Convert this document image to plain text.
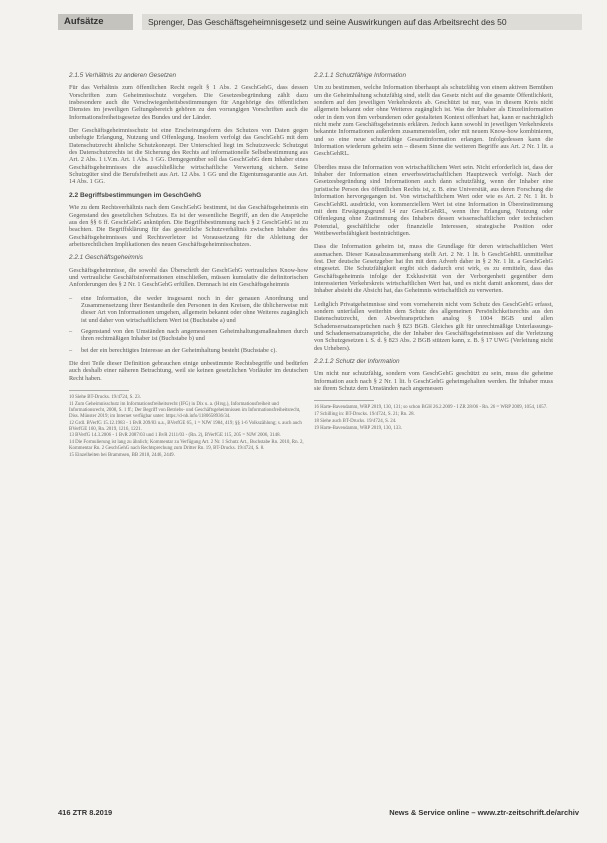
Aufsätze	Sprenger, Das Geschäftsgeheimnisgesetz und seine Auswirkungen auf das Arbeitsrecht des 50
2.1.5 Verhältnis zu anderen Gesetzen

Für das Verhältnis zum öffentlichen Recht regelt § 1 Abs. 2 GeschGehG, dass dessen Vorschriften zum Geheimnisschutz vorgehen. Die Gesetzesbegründung zählt dazu insbesondere auch die Verschwiegenheitsbestimmungen für Angehörige des öffentlichen Dienstes im jeweiligen Geltungsbereich gehören zu den vorrangigen Vorschriften auch die Informationsfreiheitsgesetze des Bundes und der Länder.

Der Geschäftsgeheimnisschutz ist eine Erscheinungsform des Schutzes von Daten gegen unbefugte Erlangung, Nutzung und Offenlegung. Insofern verfolgt das GeschGehG mit dem Datenschutzrecht ähnliche Schutzkonzept. Der Unterschied liegt im Schutzzweck: Schutzgut des Datenschutzrechts ist die Sicherung des Rechts auf informationelle Selbstbestimmung aus Art. 2 Abs. 1 i.V.m. Art. 1 Abs. 1 GG. Demgegenüber soll das GeschGehG dem Inhaber eines Geschäftsgeheimnisses die ausschließliche wirtschaftliche Verwertung sichern. Seine Schutzgüter sind die Berufsfreiheit aus Art. 12 Abs. 1 GG und die Eigentumsgarantie aus Art. 14 Abs. 1 GG.

2.2 Begriffsbestimmungen im GeschGehG

Wie zu dem Rechtsverhältnis nach dem GeschGehG bestimmt, ist das Geschäftsgeheimnis ein Gegenstand des gesetzlichen Schutzes. Es ist der wesentliche Begriff, an den die Ansprüche aus den §§ 6 ff. GeschGehG anknüpfen. Die Begriffsbestimmung nach § 2 GeschGehG ist zu beachten. Die Begriffsklärung für das gesetzliche Schutzverhältnis zwischen Inhaber des Geschäftsgeheimnisses und Rechtsverletzer ist Voraussetzung für die Ableitung der arbeitsrechtlichen Implikationen des neuen Geschäftsgeheimnisschutzes.

2.2.1 Geschäftsgeheimnis

Geschäftsgeheimnisse, die sowohl das Überschrift der GeschGehG vertrauliches Know-how und vertrauliche Geschäftsinformationen einschließen, müssen kumulativ die definitorischen Anforderungen des § 2 Nr. 1 GeschGehG erfüllen. Demnach ist ein Geschäftsgeheimnis

– eine Information, die weder insgesamt noch in der genauen Anordnung und Zusammensetzung ihrer Bestandteile den Personen in den Kreisen, die üblicherweise mit dieser Art von Informationen umgehen, allgemein bekannt oder ohne Weiteres zugänglich ist und daher von wirtschaftlichem Wert ist (Buchstabe a) und
– Gegenstand von den Umständen nach angemessenen Geheimhaltungsmaßnahmen durch ihren rechtmäßigen Inhaber ist (Buchstabe b) und
– bei der ein berechtigtes Interesse an der Geheimhaltung besteht (Buchstabe c).

Die drei Teile dieser Definition gebrauchen einige unbestimmte Rechtsbegriffe und bedürfen auch deshalb einer näheren Betrachtung, weil sie keinen gesetzlichen Vorläufer im deutschen Recht haben.

10 Siehe BT-Drucks. 19/4724, S. 23.

11 Zum Geheimnisschutz im Informationsfreiheitsrecht (IFG) in Dix u. a. (Hrsg.), Informationsfreiheit und Informationsrecht, 2008, S. 1 ff.; Der Begriff von Betriebs- und Geschäftsgeheimnissen im Informationsfreiheitsrecht, Diss. Münster 2019; im Internet verfügbar unter: https://d-nb.info/1180658936/34.

12 Grdl. BVerfG 15.12.1983 - 1 BvR 209/83 u.a., BVerfGE 65, 1 = NJW 1984, 419; §§ 1-6 Volkszählung; s. auch auch BVerfGE 160, Rn. 2019, 1216, 1221.

13 BVerfG 14.3.2006 - 1 BvR 2087/03 und 1 BvR 2111/03 - (Rn. 2), BVerfGE 115, 205 = NJW 2006, 3148.

14 Die Formulierung ist lang zu ähnlich; Kommentar zu Verfügung Art. 2 Nr. 1 Schutz Art., Buchstabe Rn. 2010, Rn. 2, Kommentar Rn. 2 GeschGehG nach Rechtsprechung zum Dritter Rn. 19, BT-Drucks. 19/4724, S. 8.

15 Einzelheiten bei Brammsen, BB 2018, 2446, 2449.

2.2.1.1 Schutzfähige Information

Um zu bestimmen, welche Information überhaupt als schutzfähig von einem aktiven Bemühen um die Geheimhaltung schutzfähig sind, stellt das Gesetz nicht auf die gesamte Öffentlichkeit, sondern auf den jeweiligen Verkehrskreis ab. Geschützt ist nur, was in diesem Kreis nicht allgemein bekannt oder ohne Weiteres zugänglich ist. Was der Inhaber als Einzelinformation oder in dem von ihm verbundenen oder gestalteten Kontext offenbart hat, kann er nachträglich nicht mehr zum Geschäftsgeheimnis erklären. Jedoch kann sowohl in jeweiligen Verkehrskreis bekannte Informationen außerdem zusammenstellen, oder mit neuem Know-how kombinieren, und so eine neue schutzfähige Gesamtinformation erlangen. Infolgedessen kann die Information wiederum geheim sein – diesem Sinne die weiteren Begriffe aus Art. 2 Nr. 1 lit. a GeschGehRL.

Überdies muss die Information von wirtschaftlichem Wert sein. Nicht erforderlich ist, dass der Inhaber der Information einen erwerbswirtschaftlichen Hauptzweck verfolgt. Nach der Gesetzesbegründung sind Informationen auch dann schutzfähig, wenn der Inhaber eine juristische Person des öffentlichen Rechts ist, z. B. eine Universität, aus deren Forschung die Information hervorgegangen ist. Von wirtschaftlichem Wert oder wie es Art. 2 Nr. 1 lit. b GeschGehRL ausdrückt, von kommerziellem Wert ist eine Information in Übereinstimmung mit dem Erwägungsgrund 14 zur GeschGehRL, wenn ihre Erlangung, Nutzung oder Offenlegung ohne Zustimmung des Inhabers dessen wissenschaftlichen oder technischen Potenzial, geschäftliche oder finanzielle Interessen, strategische Position oder Wettbewerbsfähigkeit beeinträchtigen.

Dass die Information geheim ist, muss die Grundlage für deren wirtschaftlichen Wert ausmachen. Dieser Kausalzusammenhang stellt Art. 2 Nr. 1 lit. b GeschGehRL unmittelbar fest. Der deutsche Gesetzgeber hat ihn mit dem Adverb daher in § 2 Nr. 1 lit. a GeschGehG eingesetzt. Die Schutzfähigkeit ergibt sich dadurch erst wirk, es zu ermitteln, dass das Geschäftsgeheimnis infolge der Exklusivität von der Verborgenheit gegenüber dem interessierten Verkehrskreis wirtschaftlichen Wert hat, und es nicht damit ankommt, dass der Inhaber absieht die Absicht hat, das Geheimnis wirtschaftlich zu verwerten.

Lediglich Privatgeheimnisse sind vom vorneherein nicht vom Schutz des GeschGehG erfasst, sondern unterfallen weiterhin dem Schutz des allgemeinen Persönlichkeitsrechts aus den Datenschutzrecht, den Abwehransprüchen analog § 1004 BGB und allen Schadensersatzansprüchen nach § 823 BGB. Gleiches gilt für unrechtmäßige Unterlassungs- und Schadensersatzansprüche, die der Inhaber des Geschäftsgeheimnisses auf die Verletzung von Schutzgesetzen i. S. d. § 823 Abs. 2 BGB stützen kann, z. B. § 17 UWG (Verleitung nicht des Urhebers).

2.2.1.2 Schutz der Information

Um nicht nur schutzfähig, sondern vom GeschGehG geschützt zu sein, muss die geheime Information auch nach § 2 Nr. 1 lit. b GeschGehG geheimgehalten werden. Ihr Inhaber muss sie ihrem Schutz dem Umständen nach angemessen

16 Harte-Bavendamm, WRP 2019, 130, 131; so schon BGH 26.2.2009 - I ZR 28/06 - Rn. 26 = WRP 2009, 1054, 1057.

17 Schilling in: BT-Drucks. 19/4724, S. 21; Rn. 28.

18 Siehe auch BT-Drucks. 19/4724, S. 24.

19 Harte-Bavendamm, WRP 2019, 130, 133.

416 ZTR 8.2019	News & Service online – www.ztr-zeitschrift.de/archiv
